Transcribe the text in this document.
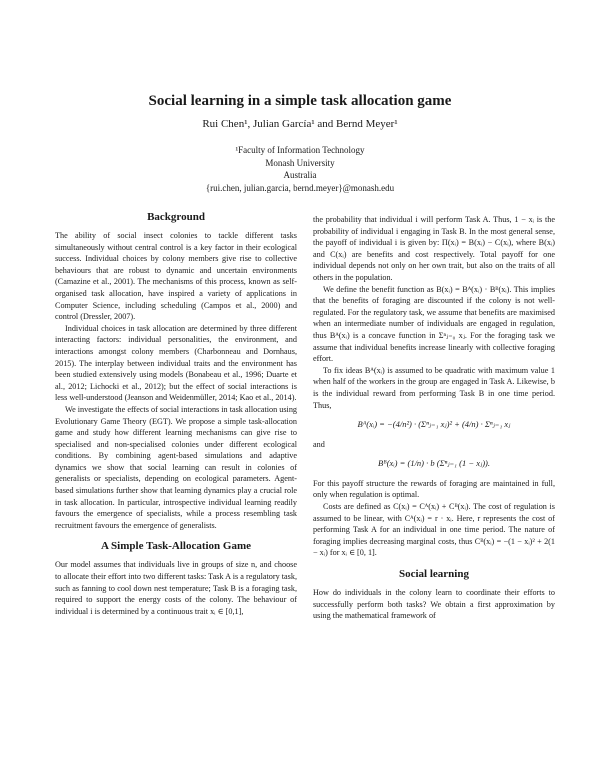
Social learning in a simple task allocation game
Rui Chen¹, Julian García¹ and Bernd Meyer¹
¹Faculty of Information Technology
Monash University
Australia
{rui.chen, julian.garcia, bernd.meyer}@monash.edu
Background

The ability of social insect colonies to tackle different tasks simultaneously without central control is a key factor in their ecological success. Individual choices by colony members give rise to collective behaviours that are robust to dynamic and uncertain environments (Camazine et al., 2001). The mechanisms of this process, known as self-organised task allocation, have inspired a variety of applications in Computer Science, including scheduling (Campos et al., 2000) and control (Dressler, 2007).

Individual choices in task allocation are determined by three different interacting factors: individual personalities, the environment, and interactions amongst colony members (Charbonneau and Dornhaus, 2015). The interplay between individual traits and the environment has been studied extensively using models (Bonabeau et al., 1996; Duarte et al., 2012; Lichocki et al., 2012); but the effect of social interactions is less well-understood (Jeanson and Weidenmüller, 2014; Kao et al., 2014).

We investigate the effects of social interactions in task allocation using Evolutionary Game Theory (EGT). We propose a simple task-allocation game and study how different learning mechanisms can give rise to specialised and non-specialised colonies under different ecological conditions. By combining agent-based simulations and adaptive dynamics we show that social learning can result in colonies of generalists or specialists, depending on ecological parameters. Agent-based simulations further show that learning dynamics play a crucial role in task allocation. In particular, introspective individual learning readily favours the emergence of specialists, while a process resembling task recruitment favours the emergence of generalists.

A Simple Task-Allocation Game

Our model assumes that individuals live in groups of size n, and choose to allocate their effort into two different tasks: Task A is a regulatory task, such as fanning to cool down nest temperature; Task B is a foraging task, required to support the energy costs of the colony. The behaviour of individual i is determined by a continuous trait xᵢ ∈ [0,1],

the probability that individual i will perform Task A. Thus, 1 − xᵢ is the probability of individual i engaging in Task B. In the most general sense, the payoff of individual i is given by: Π(xᵢ) = B(xᵢ) − C(xᵢ), where B(xᵢ) and C(xᵢ) are benefits and cost respectively. Total payoff for one individual depends not only on her own trait, but also on the traits of all others in the population.

We define the benefit function as B(xᵢ) = Bᴬ(xᵢ) · Bᴮ(xᵢ). This implies that the benefits of foraging are discounted if the colony is not well-regulated. For the regulatory task, we assume that benefits are maximised when an intermediate number of individuals are engaged in regulation, thus Bᴬ(xᵢ) is a concave function in Σⁿⱼ₌₀ xⱼ. For the foraging task we assume that individual benefits increase linearly with collective foraging effort.

To fix ideas Bᴬ(xᵢ) is assumed to be quadratic with maximum value 1 when half of the workers in the group are engaged in Task A. Likewise, b is the individual reward from performing Task B in one time period. Thus,

Bᴬ(xᵢ) = −(4/n²) · (Σⁿⱼ₌₁ xⱼ)² + (4/n) · Σⁿⱼ₌₁ xⱼ

and

Bᴮ(xᵢ) = (1/n) · b (Σⁿⱼ₌₁ (1 − xⱼ)).

For this payoff structure the rewards of foraging are maintained in full, only when regulation is optimal.

Costs are defined as C(xᵢ) = Cᴬ(xᵢ) + Cᴮ(xᵢ). The cost of regulation is assumed to be linear, with Cᴬ(xᵢ) = r · xᵢ. Here, r represents the cost of performing Task A for an individual in one time period. The nature of foraging implies decreasing marginal costs, thus Cᴮ(xᵢ) = −(1 − xᵢ)² + 2(1 − xᵢ) for xᵢ ∈ [0, 1].

Social learning

How do individuals in the colony learn to coordinate their efforts to successfully perform both tasks? We obtain a first approximation by using the mathematical framework of
